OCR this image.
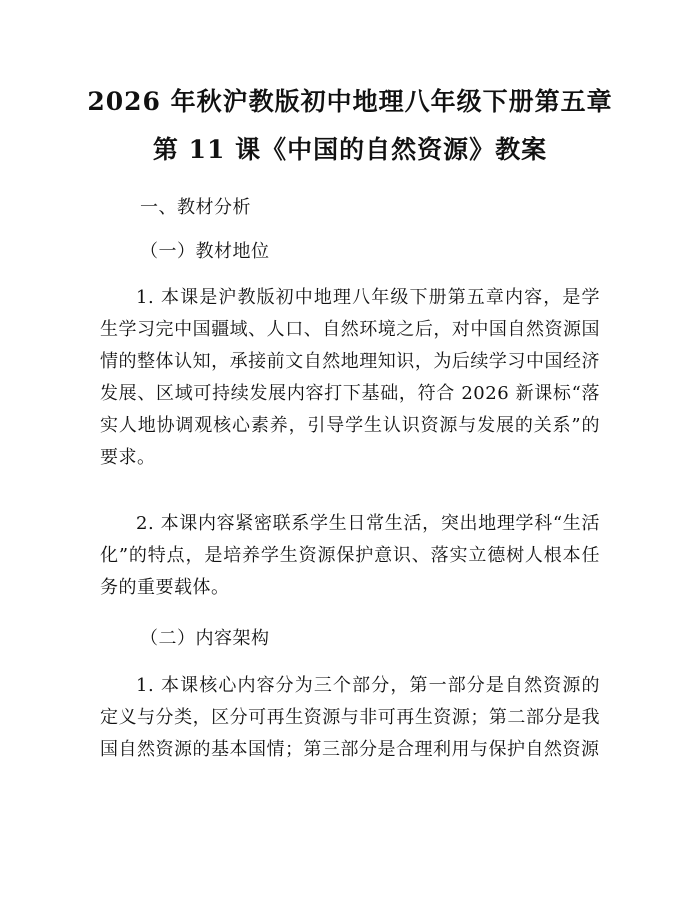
2026 年秋沪教版初中地理八年级下册第五章
第 11 课《中国的自然资源》教案

一、教材分析

（一）教材地位

1. 本课是沪教版初中地理八年级下册第五章内容，是学生学习完中国疆域、人口、自然环境之后，对中国自然资源国情的整体认知，承接前文自然地理知识，为后续学习中国经济发展、区域可持续发展内容打下基础，符合 2026 新课标“落实人地协调观核心素养，引导学生认识资源与发展的关系”的要求。

2. 本课内容紧密联系学生日常生活，突出地理学科“生活化”的特点，是培养学生资源保护意识、落实立德树人根本任务的重要载体。

（二）内容架构

1. 本课核心内容分为三个部分，第一部分是自然资源的定义与分类，区分可再生资源与非可再生资源；第二部分是我国自然资源的基本国情；第三部分是合理利用与保护自然资源
